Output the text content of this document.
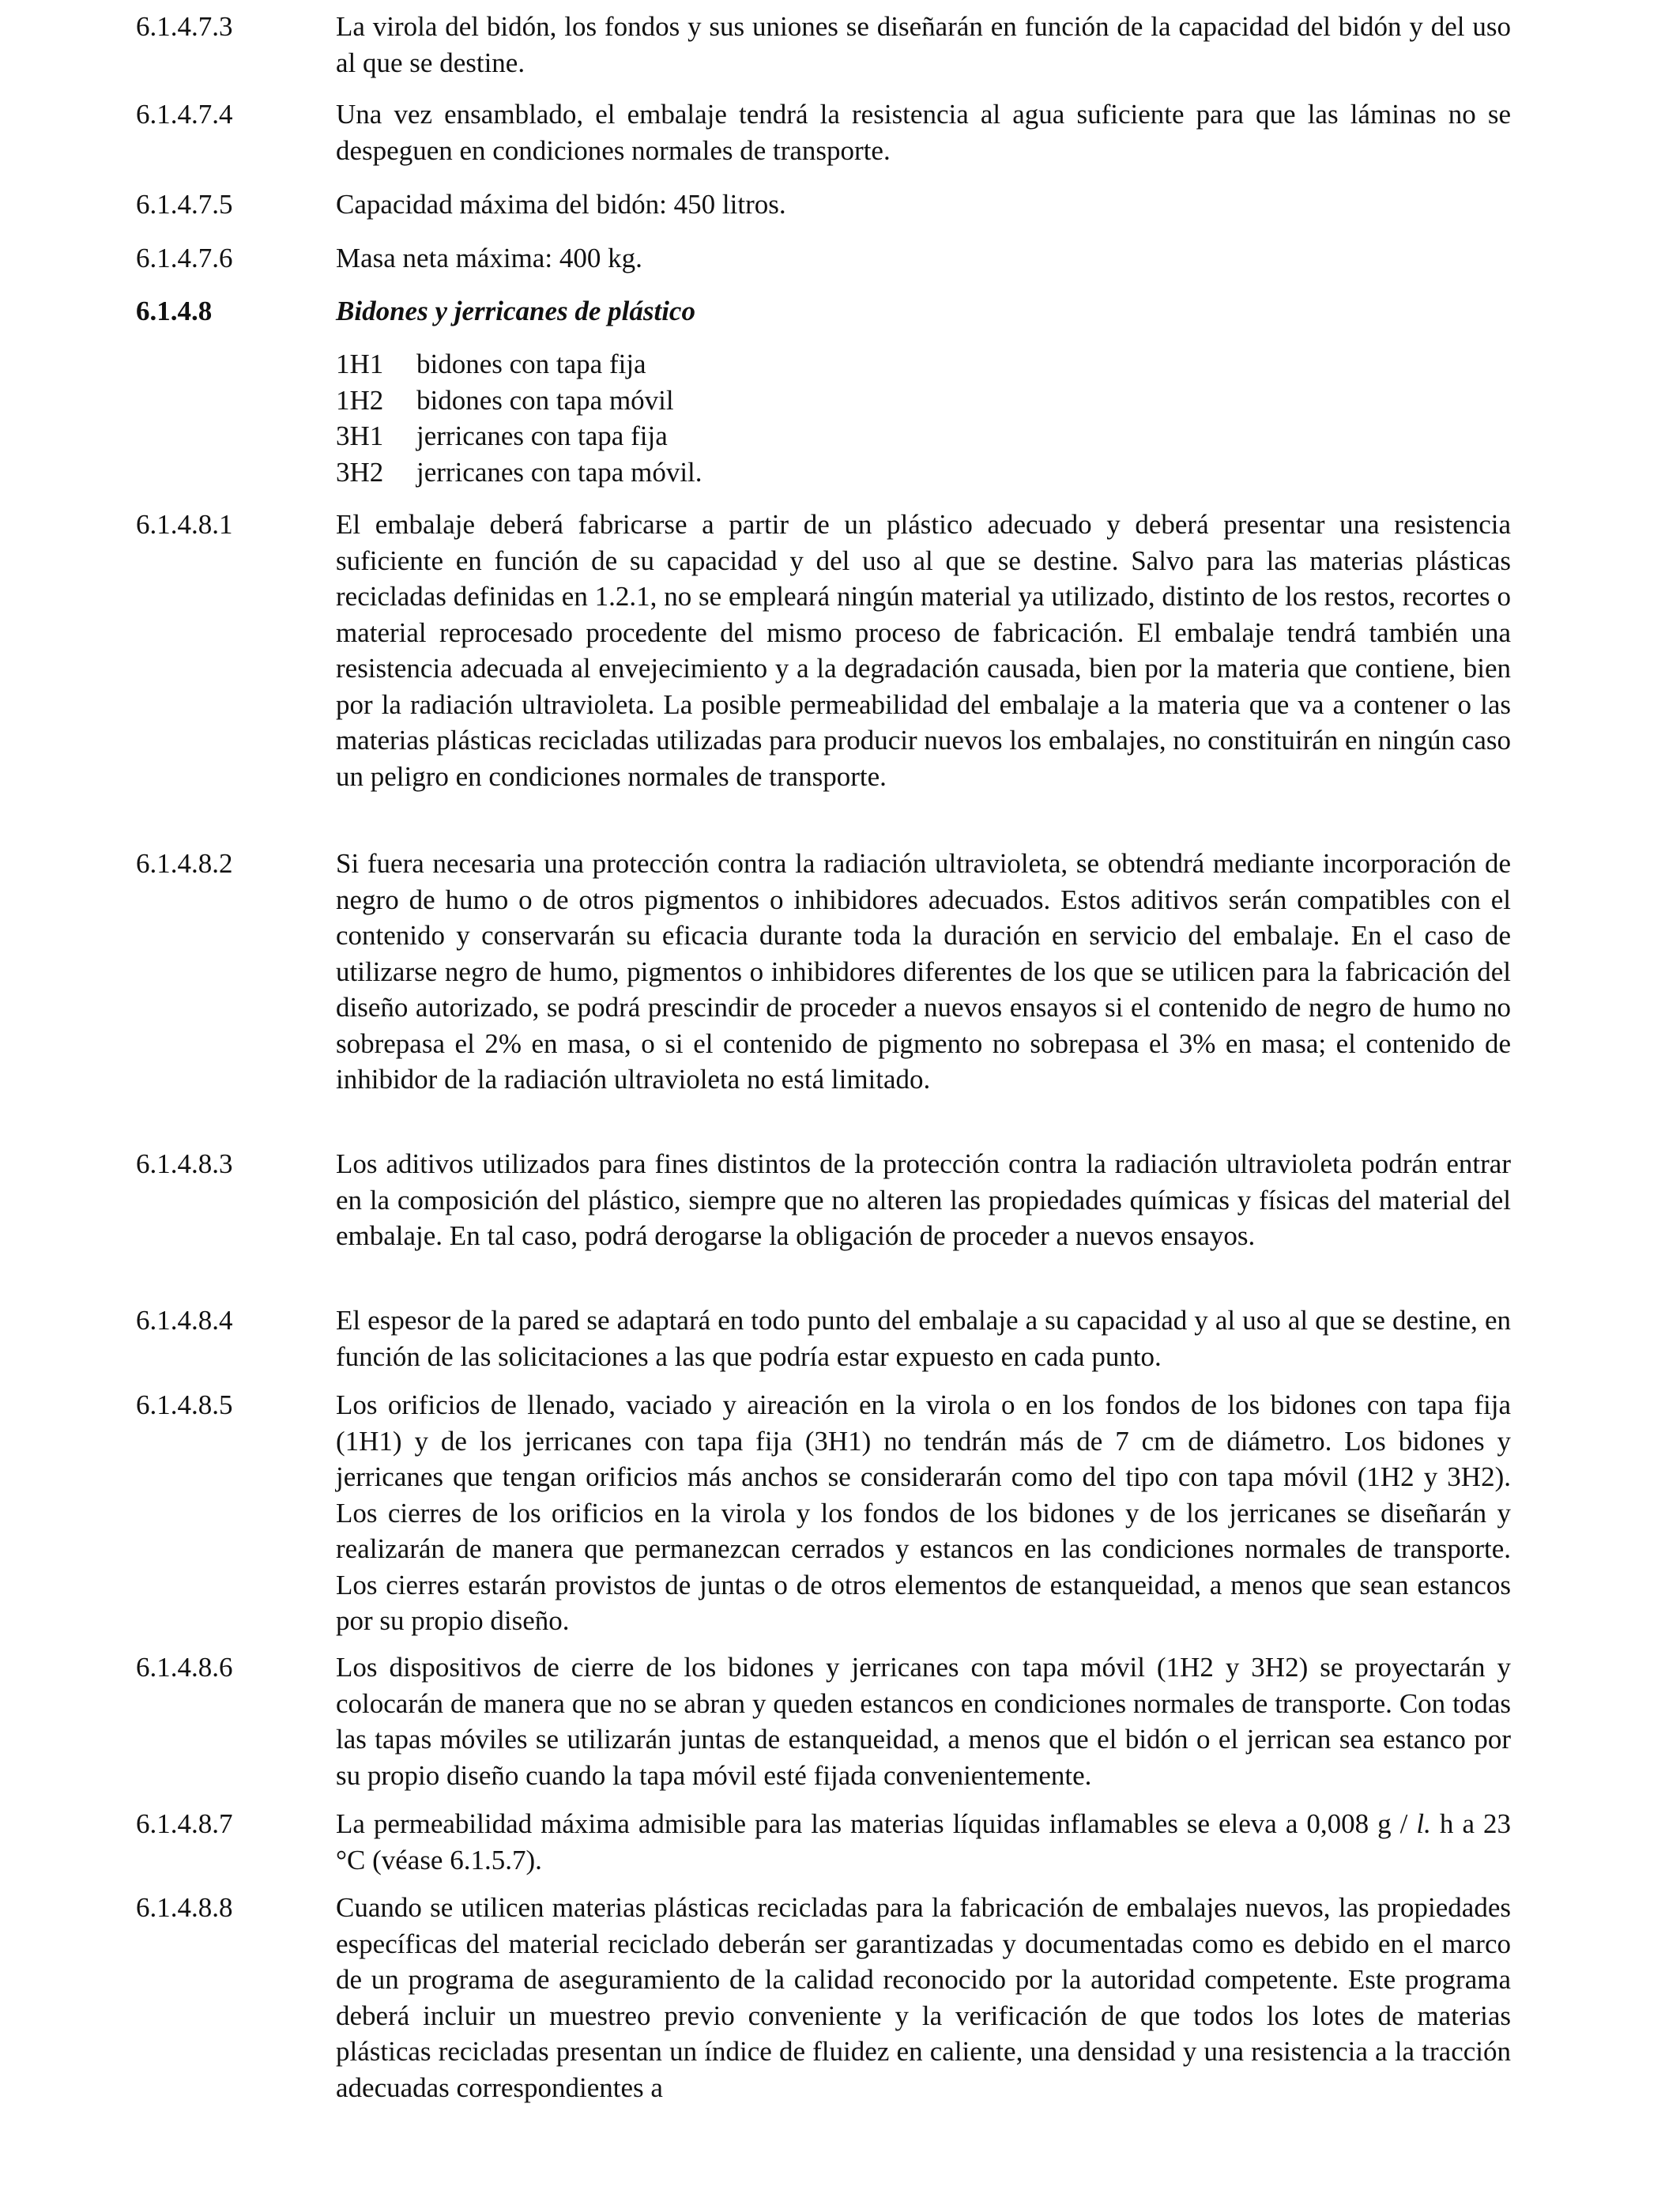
6.1.4.7.3	La virola del bidón, los fondos y sus uniones se diseñarán en función de la capacidad del bidón y del uso al que se destine.
6.1.4.7.4	Una vez ensamblado, el embalaje tendrá la resistencia al agua suficiente para que las láminas no se despeguen en condiciones normales de transporte.
6.1.4.7.5	Capacidad máxima del bidón: 450 litros.
6.1.4.7.6	Masa neta máxima: 400 kg.
6.1.4.8	Bidones y jerricanes de plástico
1H1	bidones con tapa fija
1H2	bidones con tapa móvil
3H1	jerricanes con tapa fija
3H2	jerricanes con tapa móvil.
6.1.4.8.1	El embalaje deberá fabricarse a partir de un plástico adecuado y deberá presentar una resistencia suficiente en función de su capacidad y del uso al que se destine. Salvo para las materias plásticas recicladas definidas en 1.2.1, no se empleará ningún material ya utilizado, distinto de los restos, recortes o material reprocesado procedente del mismo proceso de fabricación. El embalaje tendrá también una resistencia adecuada al envejecimiento y a la degradación causada, bien por la materia que contiene, bien por la radiación ultravioleta. La posible permeabilidad del embalaje a la materia que va a contener o las materias plásticas recicladas utilizadas para producir nuevos los embalajes, no constituirán en ningún caso un peligro en condiciones normales de transporte.
6.1.4.8.2	Si fuera necesaria una protección contra la radiación ultravioleta, se obtendrá mediante incorporación de negro de humo o de otros pigmentos o inhibidores adecuados. Estos aditivos serán compatibles con el contenido y conservarán su eficacia durante toda la duración en servicio del embalaje. En el caso de utilizarse negro de humo, pigmentos o inhibidores diferentes de los que se utilicen para la fabricación del diseño autorizado, se podrá prescindir de proceder a nuevos ensayos si el contenido de negro de humo no sobrepasa el 2% en masa, o si el contenido de pigmento no sobrepasa el 3% en masa; el contenido de inhibidor de la radiación ultravioleta no está limitado.
6.1.4.8.3	Los aditivos utilizados para fines distintos de la protección contra la radiación ultravioleta podrán entrar en la composición del plástico, siempre que no alteren las propiedades químicas y físicas del material del embalaje. En tal caso, podrá derogarse la obligación de proceder a nuevos ensayos.
6.1.4.8.4	El espesor de la pared se adaptará en todo punto del embalaje a su capacidad y al uso al que se destine, en función de las solicitaciones a las que podría estar expuesto en cada punto.
6.1.4.8.5	Los orificios de llenado, vaciado y aireación en la virola o en los fondos de los bidones con tapa fija (1H1) y de los jerricanes con tapa fija (3H1) no tendrán más de 7 cm de diámetro. Los bidones y jerricanes que tengan orificios más anchos se considerarán como del tipo con tapa móvil (1H2 y 3H2). Los cierres de los orificios en la virola y los fondos de los bidones y de los jerricanes se diseñarán y realizarán de manera que permanezcan cerrados y estancos en las condiciones normales de transporte. Los cierres estarán provistos de juntas o de otros elementos de estanqueidad, a menos que sean estancos por su propio diseño.
6.1.4.8.6	Los dispositivos de cierre de los bidones y jerricanes con tapa móvil (1H2 y 3H2) se proyectarán y colocarán de manera que no se abran y queden estancos en condiciones normales de transporte. Con todas las tapas móviles se utilizarán juntas de estanqueidad, a menos que el bidón o el jerrican sea estanco por su propio diseño cuando la tapa móvil esté fijada convenientemente.
6.1.4.8.7	La permeabilidad máxima admisible para las materias líquidas inflamables se eleva a 0,008 g / l. h a 23 °C (véase 6.1.5.7).
6.1.4.8.8	Cuando se utilicen materias plásticas recicladas para la fabricación de embalajes nuevos, las propiedades específicas del material reciclado deberán ser garantizadas y documentadas como es debido en el marco de un programa de aseguramiento de la calidad reconocido por la autoridad competente. Este programa deberá incluir un muestreo previo conveniente y la verificación de que todos los lotes de materias plásticas recicladas presentan un índice de fluidez en caliente, una densidad y una resistencia a la tracción adecuadas correspondientes a
